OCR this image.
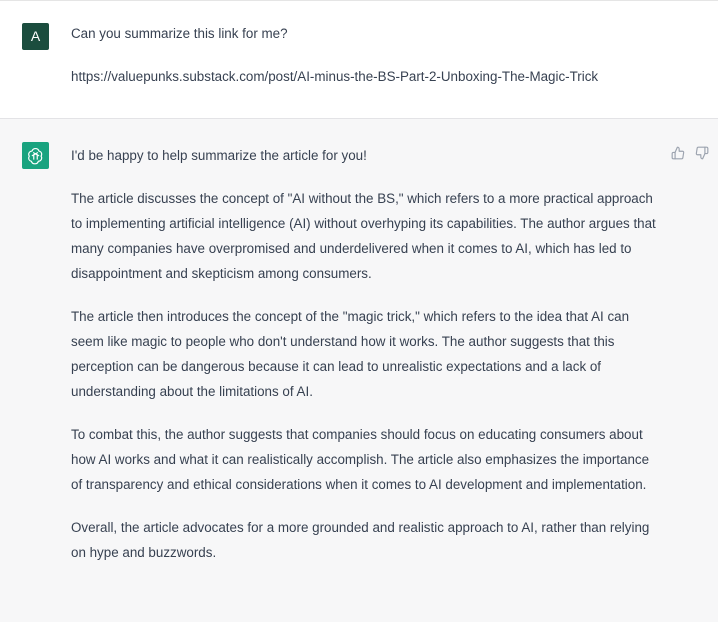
A	Can you summarize this link for me?

https://valuepunks.substack.com/post/AI-minus-the-BS-Part-2-Unboxing-The-Magic-Trick

I'd be happy to help summarize the article for you!

The article discusses the concept of "AI without the BS," which refers to a more practical approach to implementing artificial intelligence (AI) without overhyping its capabilities. The author argues that many companies have overpromised and underdelivered when it comes to AI, which has led to disappointment and skepticism among consumers.

The article then introduces the concept of the "magic trick," which refers to the idea that AI can seem like magic to people who don't understand how it works. The author suggests that this perception can be dangerous because it can lead to unrealistic expectations and a lack of understanding about the limitations of AI.

To combat this, the author suggests that companies should focus on educating consumers about how AI works and what it can realistically accomplish. The article also emphasizes the importance of transparency and ethical considerations when it comes to AI development and implementation.

Overall, the article advocates for a more grounded and realistic approach to AI, rather than relying on hype and buzzwords.
